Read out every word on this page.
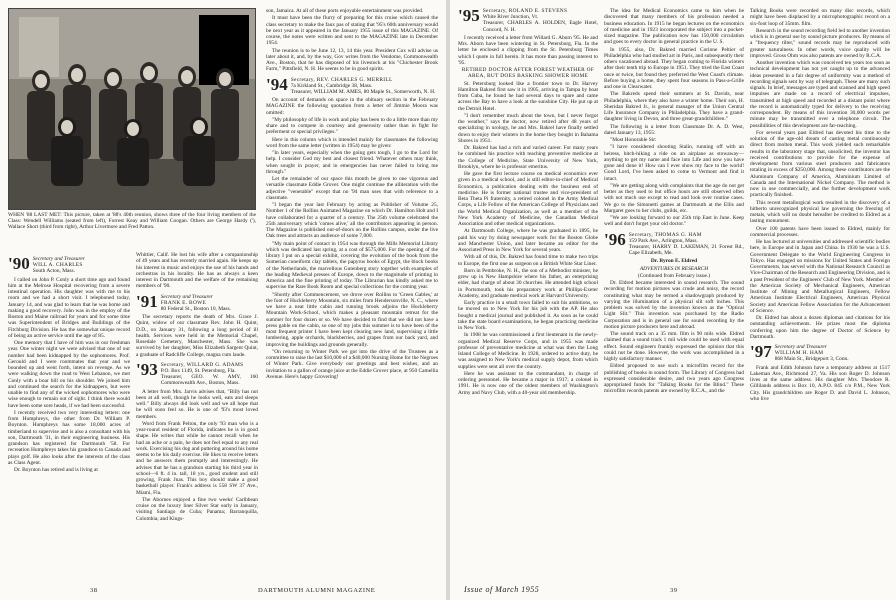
WHEN '88 LAST MET: This picture, taken at '88's 40th reunion, shows three of the four living members of the Class: Wendell Williams (seated from left), Forrest Keay and William Coogan. Others are George Hardy ('), Wallace Short (third from right), Arthur Livermore and Fred Patton.
'90 Secretary and Treasurer
WILL A. CHARLES
South Acton, Mass.

I called on John P. Conly a short time ago and found him at the Melrose Hospital recovering from a severe intestinal operation. His daughter was with me to his room and we had a short visit. I telephoned today, January 14, and was glad to learn that he was home and making a good recovery. John was in the employ of the Boston and Maine railroad for years and for some time was Superintendent of Bridges and Buildings of the Fitchburg Division. He has the somewhat unique record of being an active service until the age of 85.

One memory that I have of him was in our freshman year. One winter night we were advised that one of our number had been kidnapped by the sophomores. Prof. Gerould and I were roommates that year and we bounded up and went forth, intent on revenge. As we were walking down the road to West Lebanon, we met Conly with a boar bill on his shoulder. We joined him and continued the search for the kidnappers, but were unable to find any of the wicked sophomores who were wise enough to remain out of sight. I think there would have been some sore heads, if we had been successful.

I recently received two very interesting letters: one from Humphreys, the other from Dr. William P. Boynton. Humphreys has some 18,000 acres of timberland to supervise and is also a consultant with his son, Dartmouth '31, in their engineering business. His grandson has registered for Dartmouth '58. For recreation Humphreys takes his grandson to Canada and plays golf. He also looks after the interests of the class as Class Agent.

Dr. Boynton has retired and is living at

Whittier, Calif. He lost his wife after a companionship of 49 years and has recently married again. He keeps up his interest in music and enjoys the use of his hands and orchestras in his locality. He has as always a keen interest in Dartmouth and the welfare of the remaining members of '90.

'91 Secretary and Treasurer
FRANK E. BOWE
80 Federal St., Boston 10, Mass.

The secretary reports the death of Mrs. Grace J. Quint, widow of our classmate Rev. John H. Quint, D.D., on January 31, following a long period of ill health. Services were held in the Memorial Chapel, Rosedale Cemetery, Manchester, Mass. She was survived by her daughter, Miss Elizabeth Sargent Quint, a graduate of Radcliffe College, magna cum laude.

'93 Secretary, WILLARD G. ADAMS
P.O. Box 1149, St. Petersburg, Fla.
Treasurer, GEO. W. AMY, 160 Commonwealth Ave., Boston, Mass.

A letter from Mrs. Jarvis advises that, "Billy has not been at all well, though he looks well, eats and sleeps well." Billy always did look well and we all hope that he will soon feel so. He is one of '93's most loved members.

Word from Frank Pelton, the only '93 man who is a year-round resident of Florida, indicates he is in good shape. He writes that while he cannot recall when he had an ache or a pain, he does not feel equal to any real work. Exercising his dog and puttering around his home seems to be his daily exercise. He likes to receive letters and he answers them promptly and interestingly. He advises that he has a grandson starting his third year in school—6 ft. 4 in. tall, 18 yrs., good student and still growing, Frank Jnas. This boy should make a good basketball player. Frank's address is 558 SW 37 Ave., Miami, Fla.

The Abornes enjoyed a fine two weeks' Caribbean cruise on the luxury liner Silver Star early in January, visiting Santiago de Cuba; Panama; Barranquilla, Colombia; and Kings-

son, Jamaica. At all of these ports enjoyable entertainment was provided.

It must have been the flurry of preparing for this cruise which caused the class secretary to make the faux pas of stating that '95's 60th anniversary would be next year as it appeared in the January 1955 issue of this MAGAZINE. Of course, the notes were written and sent to the MAGAZINE late in December 1954.

The reunion is to be June 12, 13, 14 this year. President Cox will advise us later about it, and, by the way, Gov writes from the Vendome, Commonwealth Ave., Boston, that he has disposed of his livestock at his "Chichester Brook Farm," Pittsfield, N. H. He seems to be in good spirits.

'94 Secretary, REV. CHARLES G. MERRILL
7a Kirkland St., Cambridge 38, Mass.
Treasurer, WILLIAM M. AMES, 80 Maple St., Somerworth, N. H.

On account of demands on space in the obituary section in the February MAGAZINE the following quotation from a letter of Jimmie Moora was omitted:

"My philosophy of life in work and play has been to do a little more than my share and to compete in courtesy and generosity rather than in fight for preferment or special privileges."

Here in this column which is intended mainly for classmates the following word from the same letter (written in 1954) may be given:

"In later years, especially when the going gets tough, I go to the Lord for help. I consider God my best and closest friend. Whatever others may think, when sought in prayer, and in emergencies has never failed to bring me through."

Let the remainder of our space this month be given to one vigorous and versatile classmate Eddie Grover. One might continue the alliteration with the adjective "venerable" except that no '94 man uses that with reference to a classmate.

"I began the year last February by acting as Publisher of Volume 25, Number 1 of the Rollins Animated Magazine on which Dr. Hamilton Holt and I have collaborated for a quarter of a century. The 25th volume celebrated the 25th anniversary which 'comes alive,' all the contributors appearing in person. The Magazine is published out-of-doors on the Rollins campus, under the live Oak trees and attracts an audience of some 7,000.

"My main point of contact in 1954 was through the Mills Memorial Library which was dedicated last spring, at a cost of $575,000. For the opening of the library I put on a special exhibit, covering the evolution of the book from the Sumerian cuneiform clay tablets, the papyrus books of Egypt, the block books of the Netherlands, the marvellous Gutenberg story together with examples of the leading Medieval presses of Europe, down to the magnitude of printing in America and the fine printing of today. The Librarian has kindly asked me to supervise the Rare Book Room and special collections for the coming year.

"Shortly after Commencement, we drove over Rollins to 'Green Gables,' at the foot of Huckleberry Mountain, six miles from Hendersonville, N. C., where we have a neat little cabin and running brook adjoins the Huckleberry Mountain Work-School, which makes a pleasant mountain retreat for the summer for four dozen or so. We have decided to find that we did not have a press gable on the cabin, so one of my jobs this summer is to have been of the most frequent printer I have been kept clearing new land, supervising a little lumbering, apple orchards, blackberries, and grapes from our back yard, and improving the buildings and grounds generally.

"On returning to Winter Park we got into the drive of the Trustees as a committee to raise the last $10,000 of a $40,000 Nursing Home for the Negroes of Winter Park. Give everybody our greetings and best wishes, and an invitation to a gallon of orange juice at the Eddie Grover place, at 950 Camellia Avenue. Here's happy Grovering!

38	DARTMOUTH ALUMNI MAGAZINE
'95 Secretary, ROLAND E. STEVENS
White River Junction, Vt.
Treasurer, CHARLES A. HOLDEN, Eagle Hotel, Concord, N. H.

I recently received a letter from Willard G. Aborn '95. He and Mrs. Aborn have been wintering in St. Petersburg, Fla. In the letter he enclosed a clipping from the St. Petersburg Times which I quote in full herein. It has more than passing interest to '95.

RETIRED DOCTOR AFTER FOREST WEATHER OF AREA, BUT DOES BASKING SHOWER HOME

St. Petersburg looked like a frontier town to Dr. Harvey Hamilton Bakred first saw it in 1905, arriving in Tampa by boat from Cuba, he found he had several days to spare and came across the Bay to have a look at the sunshine City. He put up at the Detroit Hotel.

"I don't remember much about the town, but I never forgot the weather," says the doctor, now retired after 48 years of specializing in urology, he and Mrs. Bakrel have finally settled down to enjoy their winters in the home they bought in Bahama Shores in 1951.

Dr. Bakred has had a rich and varied career. For many years he combined his practice with teaching preventive medicine at the College of Medicine, State University of New York, Brooklyn, where he is professor emeritus.

He gave the first lecture course on medical economics ever given in a medical school, and is still editor-in-chief of Medical Economics, a publication dealing with the business end of medicine. He is former national trustee and vice-president of Beta Theta Pi fraternity, a retired colonel in the Army Medical Corps, a Life Fellow of the American College of Physicians and the World Medical Organization, as well as a member of the New York Academy of Medicine, the Canadian Medical Association and other medical organizations.

At Dartmouth College, where he was graduated in 1895, he paid his way by doing newspaper work for the Boston Globe and Manchester Union, and later became an editor for the Associated Press in New York for several years.

With all of this, Dr. Bakred has found time to make two trips to Europe, the first one as surgeon on a British White Star Liner.

Born in Pembroke, N. H., the son of a Methodist minister, he grew up in New Hampshire where his father, an enterprising elder, had charge of about 30 churches. He attended high school in Portsmouth, took his preparatory work at Phillips-Exeter Academy, and graduate medical work at Harvard University.

Early practice in a small town failed to suit his ambitions, so he moved on to New York for his job with the AP. He also bought a medical journal and published it. As soon as he could take the state board examinations, he began practicing medicine in New York.

In 1908 he was commissioned a first lieutenant in the newly-organized Medical Reserve Corps, and in 1955 was made professor of preventative medicine at what was then the Long Island College of Medicine. In 1928, ordered to active duty, he was assigned to New York's medical supply depot, from which supplies were sent all over the country.

Here he was assistant to the commandant, in charge of ordering personnel. He became a major in 1917; a colonel in 1991. He is now one of the oldest members of Washington's Army and Navy Club, with a 40-year old membership.

The idea for Medical Economics came to him when he discovered that many members of his profession needed a business education. In 1915 he began lectures on the economics of medicine and in 1923 incorporated the subject into a pocket-sized magazine. The publication now has 150,000 circulation and goes to every doctor in general practice in the U. S.

In 1955, also, Dr. Bakred married Corinne Peltier of Philadelphia who had studied art in Paris, and subsequently their others vacationed abroad. They began coming to Florida winters after their tenth trip to Europe in 1951. They tried the East Coast once or twice, but found they preferred the West Coast's climate. Before buying a home, they spent four seasons in Pass-a-Grille and one in Clearwater.

The Bakreds spend their summers at St. Davids, near Philadelphia, where they also have a winter home. Their son, H. Sheridan Bakred Jr., is general manager of the Union Central Life Insurance Company in Philadelphia. They have a grand-daughter living in Devon, and three great-grandchildren."

The following is a letter from Classmate Dr. A. D. West, dated January 13, 1955:

"Most Honorable Sir:

"I have considered shooting Stalin, running off with an heiress, hitch-hiking a ride on an airplane as stowaway—anything to get my name and face into Life and now you have gone and done it! How can I ever show my face to the world! Good Lord, I've been asked to come to Vermont and find it intact.

"We are getting along with complaints that the age do not get better as they used to but office hours are still observed often with not much use except to read and look over routine cases. We go to the Simonetti games at Dartmouth at the Ellis and Margaret goes to her clubs, guilds, etc.

"We are looking forward to our 25th trip East in June. Keep well and don't forget your old doctor."

'96 Secretary, THOMAS G. HAM
159 Park Ave., Arlington, Mass.
Treasurer, HARRY D. LAKEMAN, 21 Forest Rd., Cape Elizabeth, Me.

Dr. Byron E. Eldred

ADVENTURES IN RESEARCH

(Continued from February issue.)

Dr. Eldred became interested in sound research. The sound recording for motion pictures was crude and noisy, the record constituting what may be termed a shadowgraph produced by varying the illumination of a physical slit soft inches. This problem was solved by the invention known as the "Optical Light Slit." This invention was purchased by the Radio Corporation and is in general use for sound recording by the motion picture producers here and abroad.

The sound track on a 35 mm. film is 90 mils wide. Eldred claimed that a sound track 1 mil wide could be used with equal effect. Sound engineers frankly expressed the opinion that this could not be done. However, the work was accomplished in a highly satisfactory manner.

Eldred proposed to use such a microfilm record for the publishing of books in sound form. The Library of Congress had expressed considerable desire, and two years ago Congress appropriated funds for "Talking Books for the Blind." These microfilm records patents are owned by R.C.A., and the

Talking Books were recorded on many disc records, which might have been displaced by a microphotographic record on a six-foot loop of 35mm. film.

Research in the sound recording field led to another invention which is in general use by sound picture producers. By means of a "frequency tilter," sound records may be reproduced with greater naturalness. In other words, voice quality will be improved. Gross Ohm was also patents are owned by R.C.A.

Another invention which was conceived ten years too soon as technical development has not yet caught up to the advanced ideas presented in a fair degree of uniformity was a method of recording signals sent by way of telegraph. These are many such signals. In brief, messages are typed and scanned and high speed impulses are made on a record of electrical impulses, transmitted at high speed and recorded at a distant point where the record is automatically typed for delivery to the receiving correspondent. By means of this invention 30,000 words per minute may be transmitted over a telephone circuit. The possibilities of this development are far-reaching.

For several years past Eldred has devoted his time to the solution of the age-old dream of casting metal continuously direct from molten metal. This work yielded such remarkable results in the laboratory stage that, unsolicited, the inventor has received contributions to provide for the expense of development from various steel producers and fabricators totaling in excess of $250,000. Among these contributors are the Aluminum Company of America, Aluminium Limited of Canada and the International Nickel Company. The method is now in use commercially, and the further development work practically finished.

This recent metallurgical work resulted in the discovery of a hitherto unrecognized physical law governing the freezing of metals, which will no doubt hereafter be credited to Eldred as a lasting monument.

Over 100 patents have been issued to Eldred, mainly for commercial processes.

He has lectured at universities and addressed scientific bodies here, in Europe and in Japan and China. In 1930 he was a U.S. Government Delegate to the World Engineering Congress in Tokyo. Has engaged on missions for United States and Foreign Governments, has served with the National Research Council as Vice-Chairman of the Research and Engineering Division, and is a past President of the Engineers' Club of New York. Member of the American Society of Mechanical Engineers, American Institute of Mining and Metallurgical Engineers, Fellow American Institute Electrical Engineers, American Physical Society and American Fellow Association for the Advancement of Science.

Dr. Eldred has about a dozen diplomas and citations for his outstanding achievements. He prizes most the diploma conferring upon him the degree of Doctor of Science by Dartmouth.

'97 Secretary and Treasurer
WILLIAM H. HAM
868 Main St., Bridgeport 3, Conn.

Frank and Edith Johnson have a temporary address at 1517 Lakeman Ave., Richmond 27, Va. His son Roger D. Johnson lives at the same address. His daughter Mrs. Theodore R. Gillilands address is Box 10, A.P.O. 845 c/o P.M., New York City. His grandchildren are Roger D. and David L. Johnson, who live

Issue of March 1955	39
